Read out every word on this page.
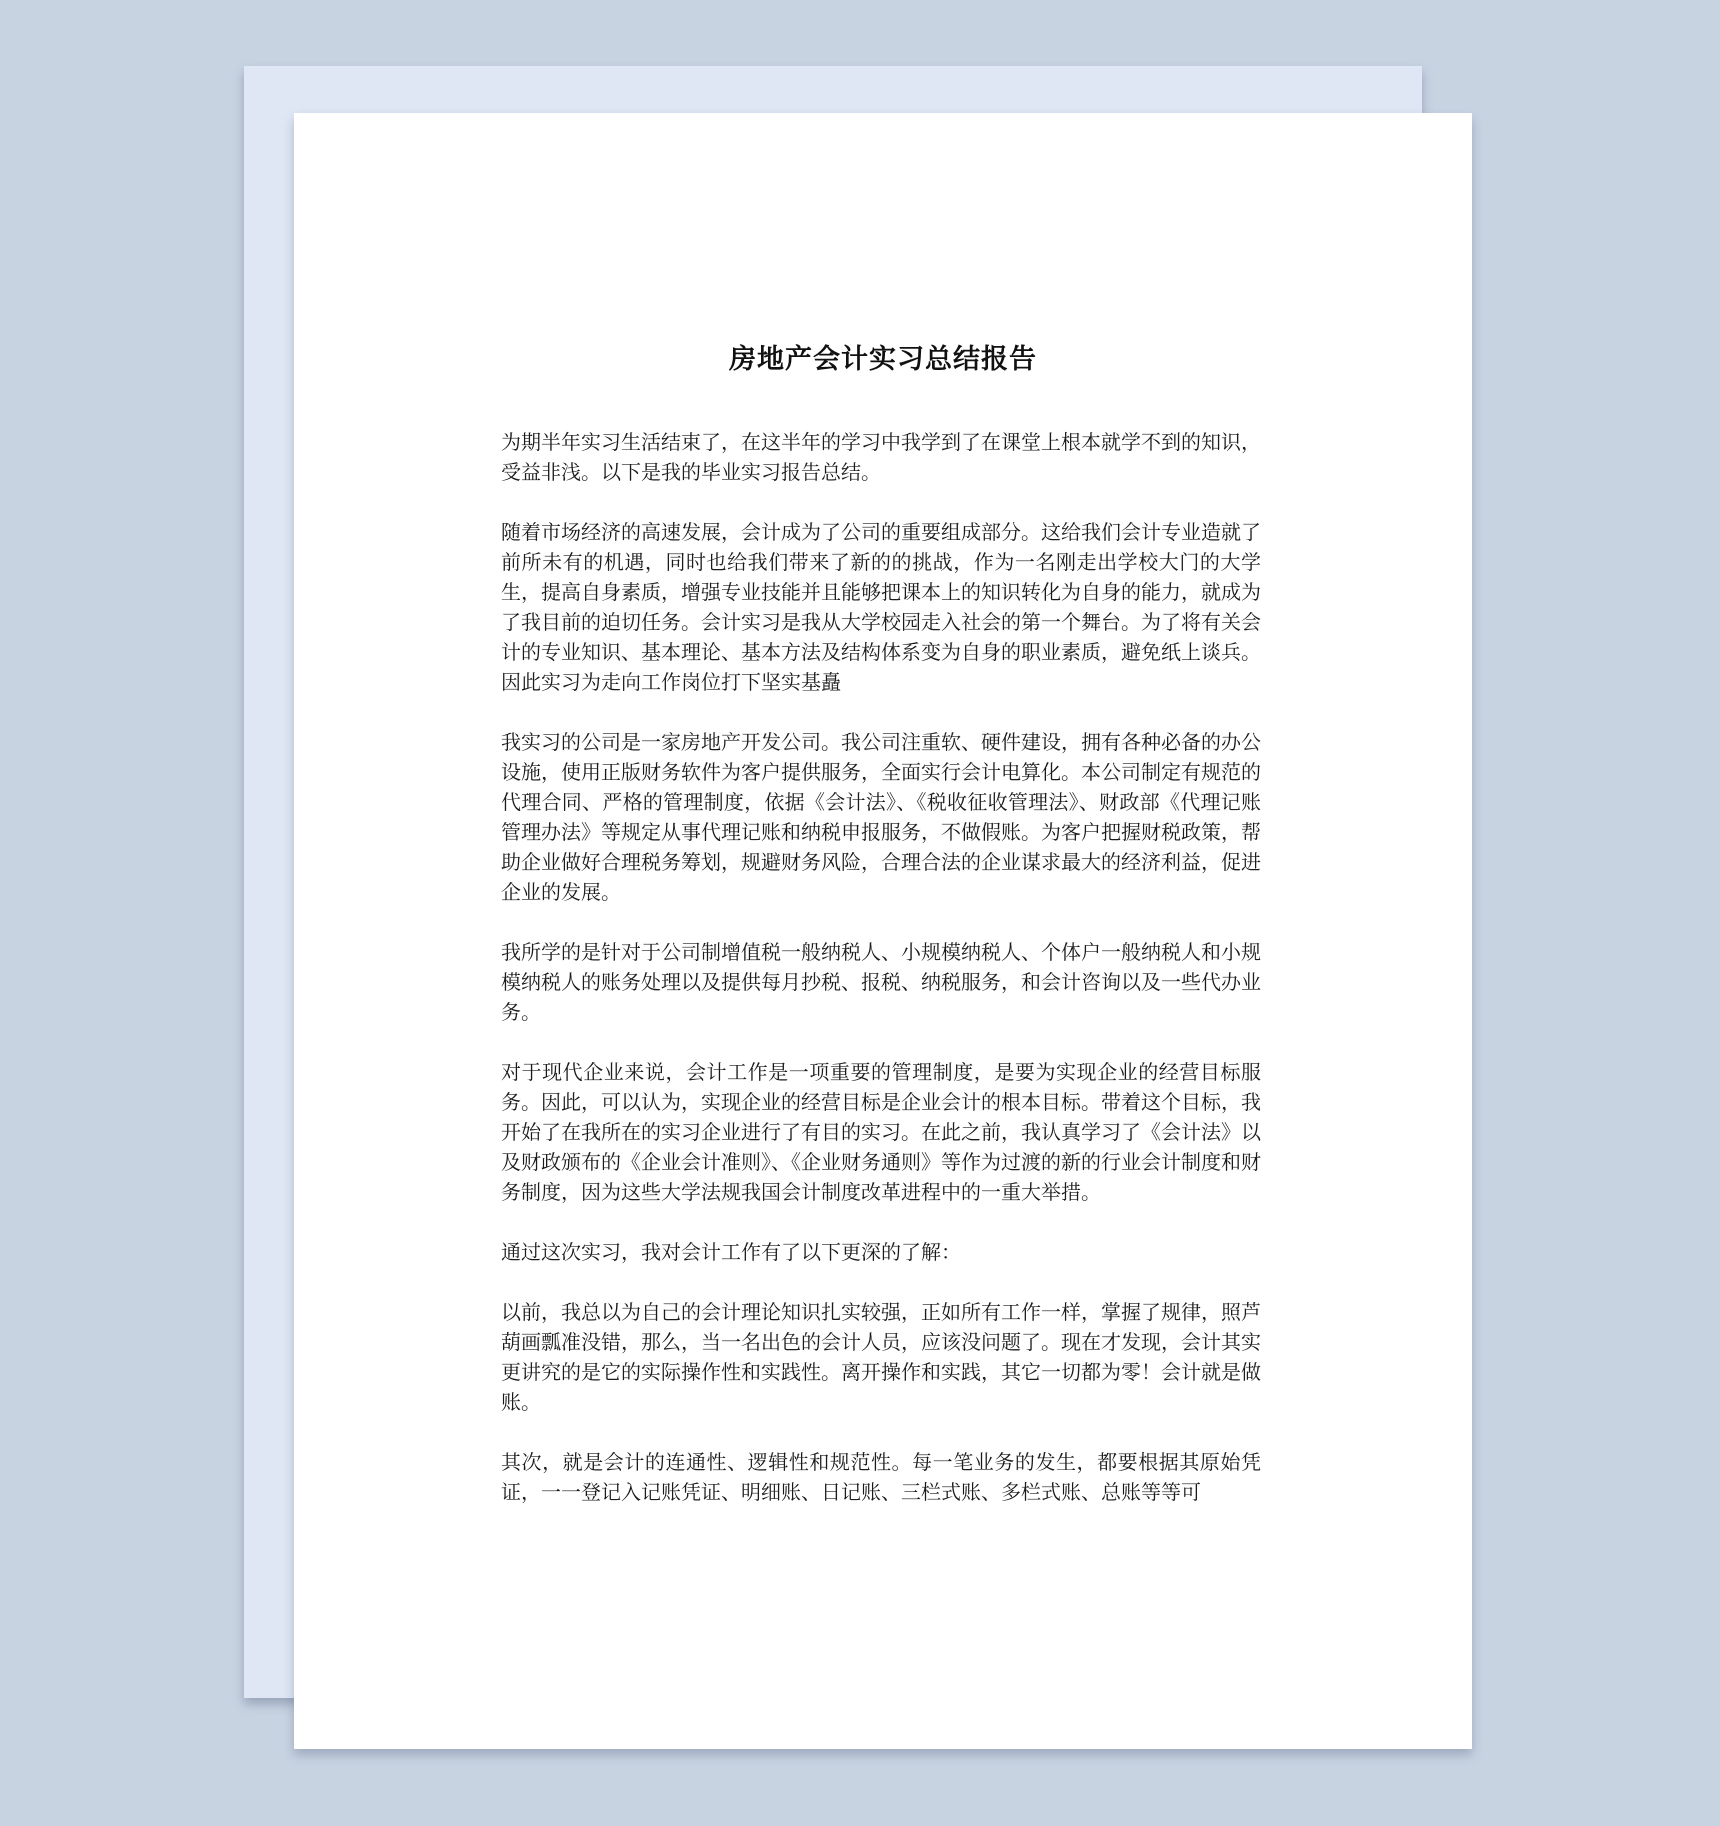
房地产会计实习总结报告

为期半年实习生活结束了，在这半年的学习中我学到了在课堂上根本就学不到的知识，受益非浅。以下是我的毕业实习报告总结。

随着市场经济的高速发展，会计成为了公司的重要组成部分。这给我们会计专业造就了前所未有的机遇，同时也给我们带来了新的的挑战，作为一名刚走出学校大门的大学生，提高自身素质，增强专业技能并且能够把课本上的知识转化为自身的能力，就成为了我目前的迫切任务。会计实习是我从大学校园走入社会的第一个舞台。为了将有关会计的专业知识、基本理论、基本方法及结构体系变为自身的职业素质，避免纸上谈兵。因此实习为走向工作岗位打下坚实基矗

我实习的公司是一家房地产开发公司。我公司注重软、硬件建设，拥有各种必备的办公设施，使用正版财务软件为客户提供服务，全面实行会计电算化。本公司制定有规范的代理合同、严格的管理制度，依据《会计法》、《税收征收管理法》、财政部《代理记账管理办法》等规定从事代理记账和纳税申报服务，不做假账。为客户把握财税政策，帮助企业做好合理税务筹划，规避财务风险，合理合法的企业谋求最大的经济利益，促进企业的发展。

我所学的是针对于公司制增值税一般纳税人、小规模纳税人、个体户一般纳税人和小规模纳税人的账务处理以及提供每月抄税、报税、纳税服务，和会计咨询以及一些代办业务。

对于现代企业来说，会计工作是一项重要的管理制度，是要为实现企业的经营目标服务。因此，可以认为，实现企业的经营目标是企业会计的根本目标。带着这个目标，我开始了在我所在的实习企业进行了有目的实习。在此之前，我认真学习了《会计法》以及财政颁布的《企业会计准则》、《企业财务通则》等作为过渡的新的行业会计制度和财务制度，因为这些大学法规我国会计制度改革进程中的一重大举措。

通过这次实习，我对会计工作有了以下更深的了解：

以前，我总以为自己的会计理论知识扎实较强，正如所有工作一样，掌握了规律，照芦葫画瓢准没错，那么，当一名出色的会计人员，应该没问题了。现在才发现，会计其实更讲究的是它的实际操作性和实践性。离开操作和实践，其它一切都为零！会计就是做账。

其次，就是会计的连通性、逻辑性和规范性。每一笔业务的发生，都要根据其原始凭证，一一登记入记账凭证、明细账、日记账、三栏式账、多栏式账、总账等等可
